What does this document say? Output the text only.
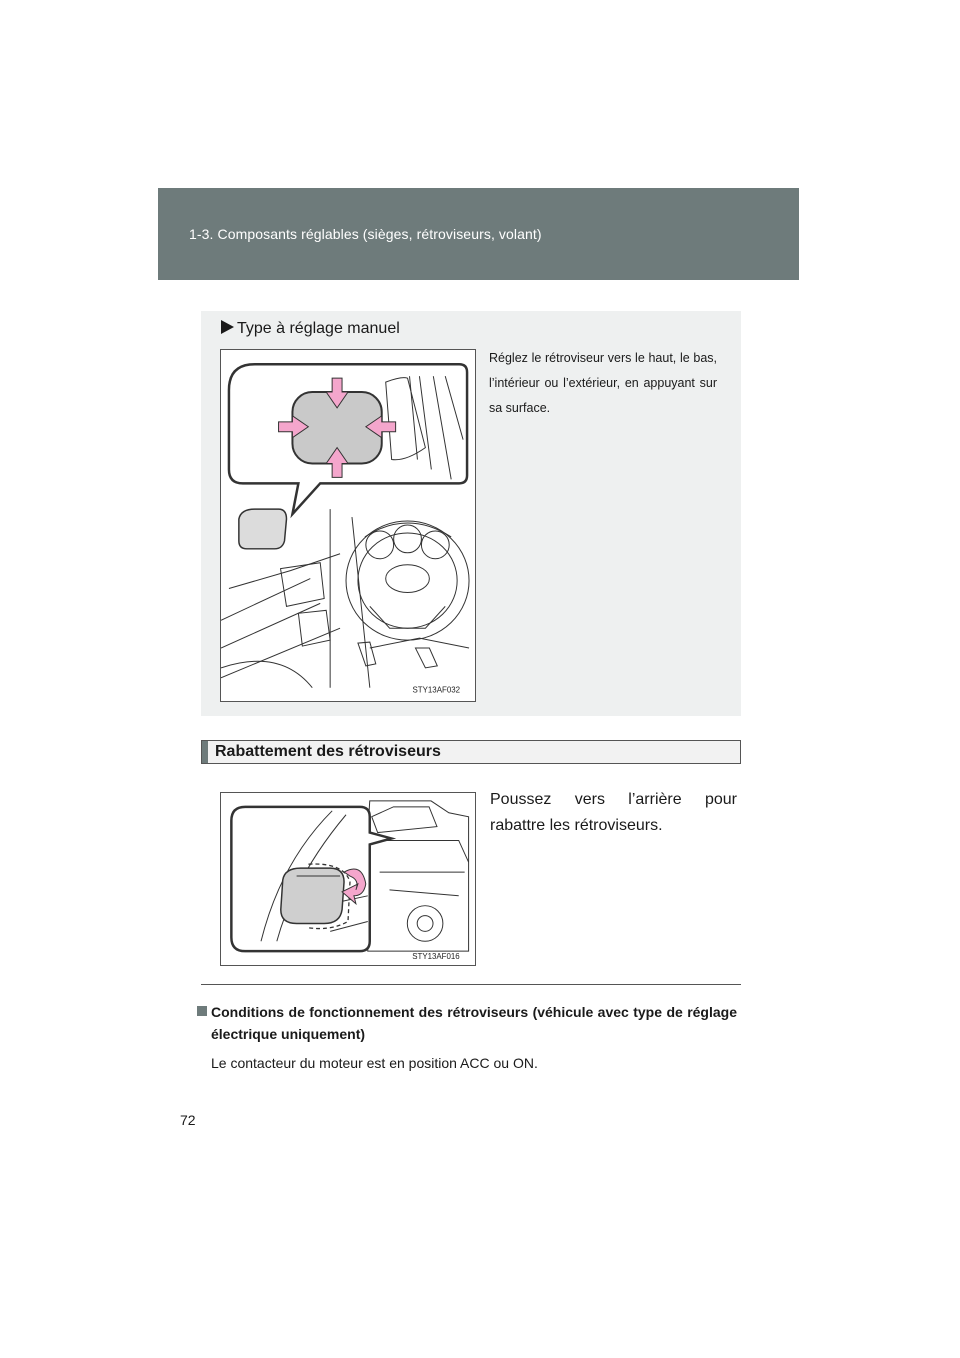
1-3. Composants réglables (sièges, rétroviseurs, volant)
Type à réglage manuel
STY13AF032
Réglez le rétroviseur vers le haut, le bas, l’intérieur ou l’extérieur, en appuyant sur sa surface.
Rabattement des rétroviseurs
STY13AF016
Poussez vers l’arrière pour rabattre les rétroviseurs.
Conditions de fonctionnement des rétroviseurs (véhicule avec type de réglage électrique uniquement)
Le contacteur du moteur est en position ACC ou ON.
72
